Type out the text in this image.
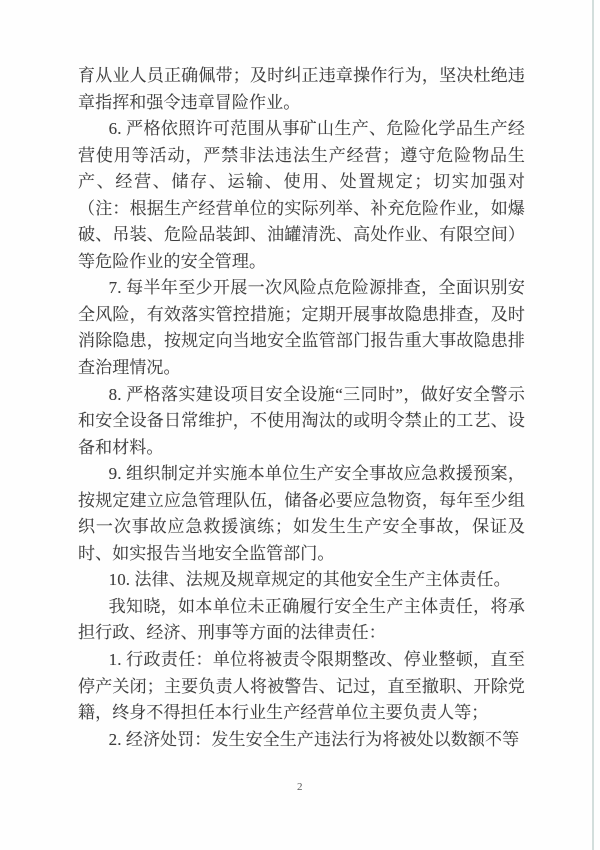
育从业人员正确佩带；及时纠正违章操作行为，坚决杜绝违章指挥和强令违章冒险作业。

6. 严格依照许可范围从事矿山生产、危险化学品生产经营使用等活动，严禁非法违法生产经营；遵守危险物品生产、经营、储存、运输、使用、处置规定；切实加强对（注：根据生产经营单位的实际列举、补充危险作业，如爆破、吊装、危险品装卸、油罐清洗、高处作业、有限空间）等危险作业的安全管理。

7. 每半年至少开展一次风险点危险源排查，全面识别安全风险，有效落实管控措施；定期开展事故隐患排查，及时消除隐患，按规定向当地安全监管部门报告重大事故隐患排查治理情况。

8. 严格落实建设项目安全设施“三同时”，做好安全警示和安全设备日常维护，不使用淘汰的或明令禁止的工艺、设备和材料。

9. 组织制定并实施本单位生产安全事故应急救援预案，按规定建立应急管理队伍，储备必要应急物资，每年至少组织一次事故应急救援演练；如发生生产安全事故，保证及时、如实报告当地安全监管部门。

10. 法律、法规及规章规定的其他安全生产主体责任。

我知晓，如本单位未正确履行安全生产主体责任，将承担行政、经济、刑事等方面的法律责任：

1. 行政责任：单位将被责令限期整改、停业整顿，直至停产关闭；主要负责人将被警告、记过，直至撤职、开除党籍，终身不得担任本行业生产经营单位主要负责人等；

2. 经济处罚：发生安全生产违法行为将被处以数额不等

2
